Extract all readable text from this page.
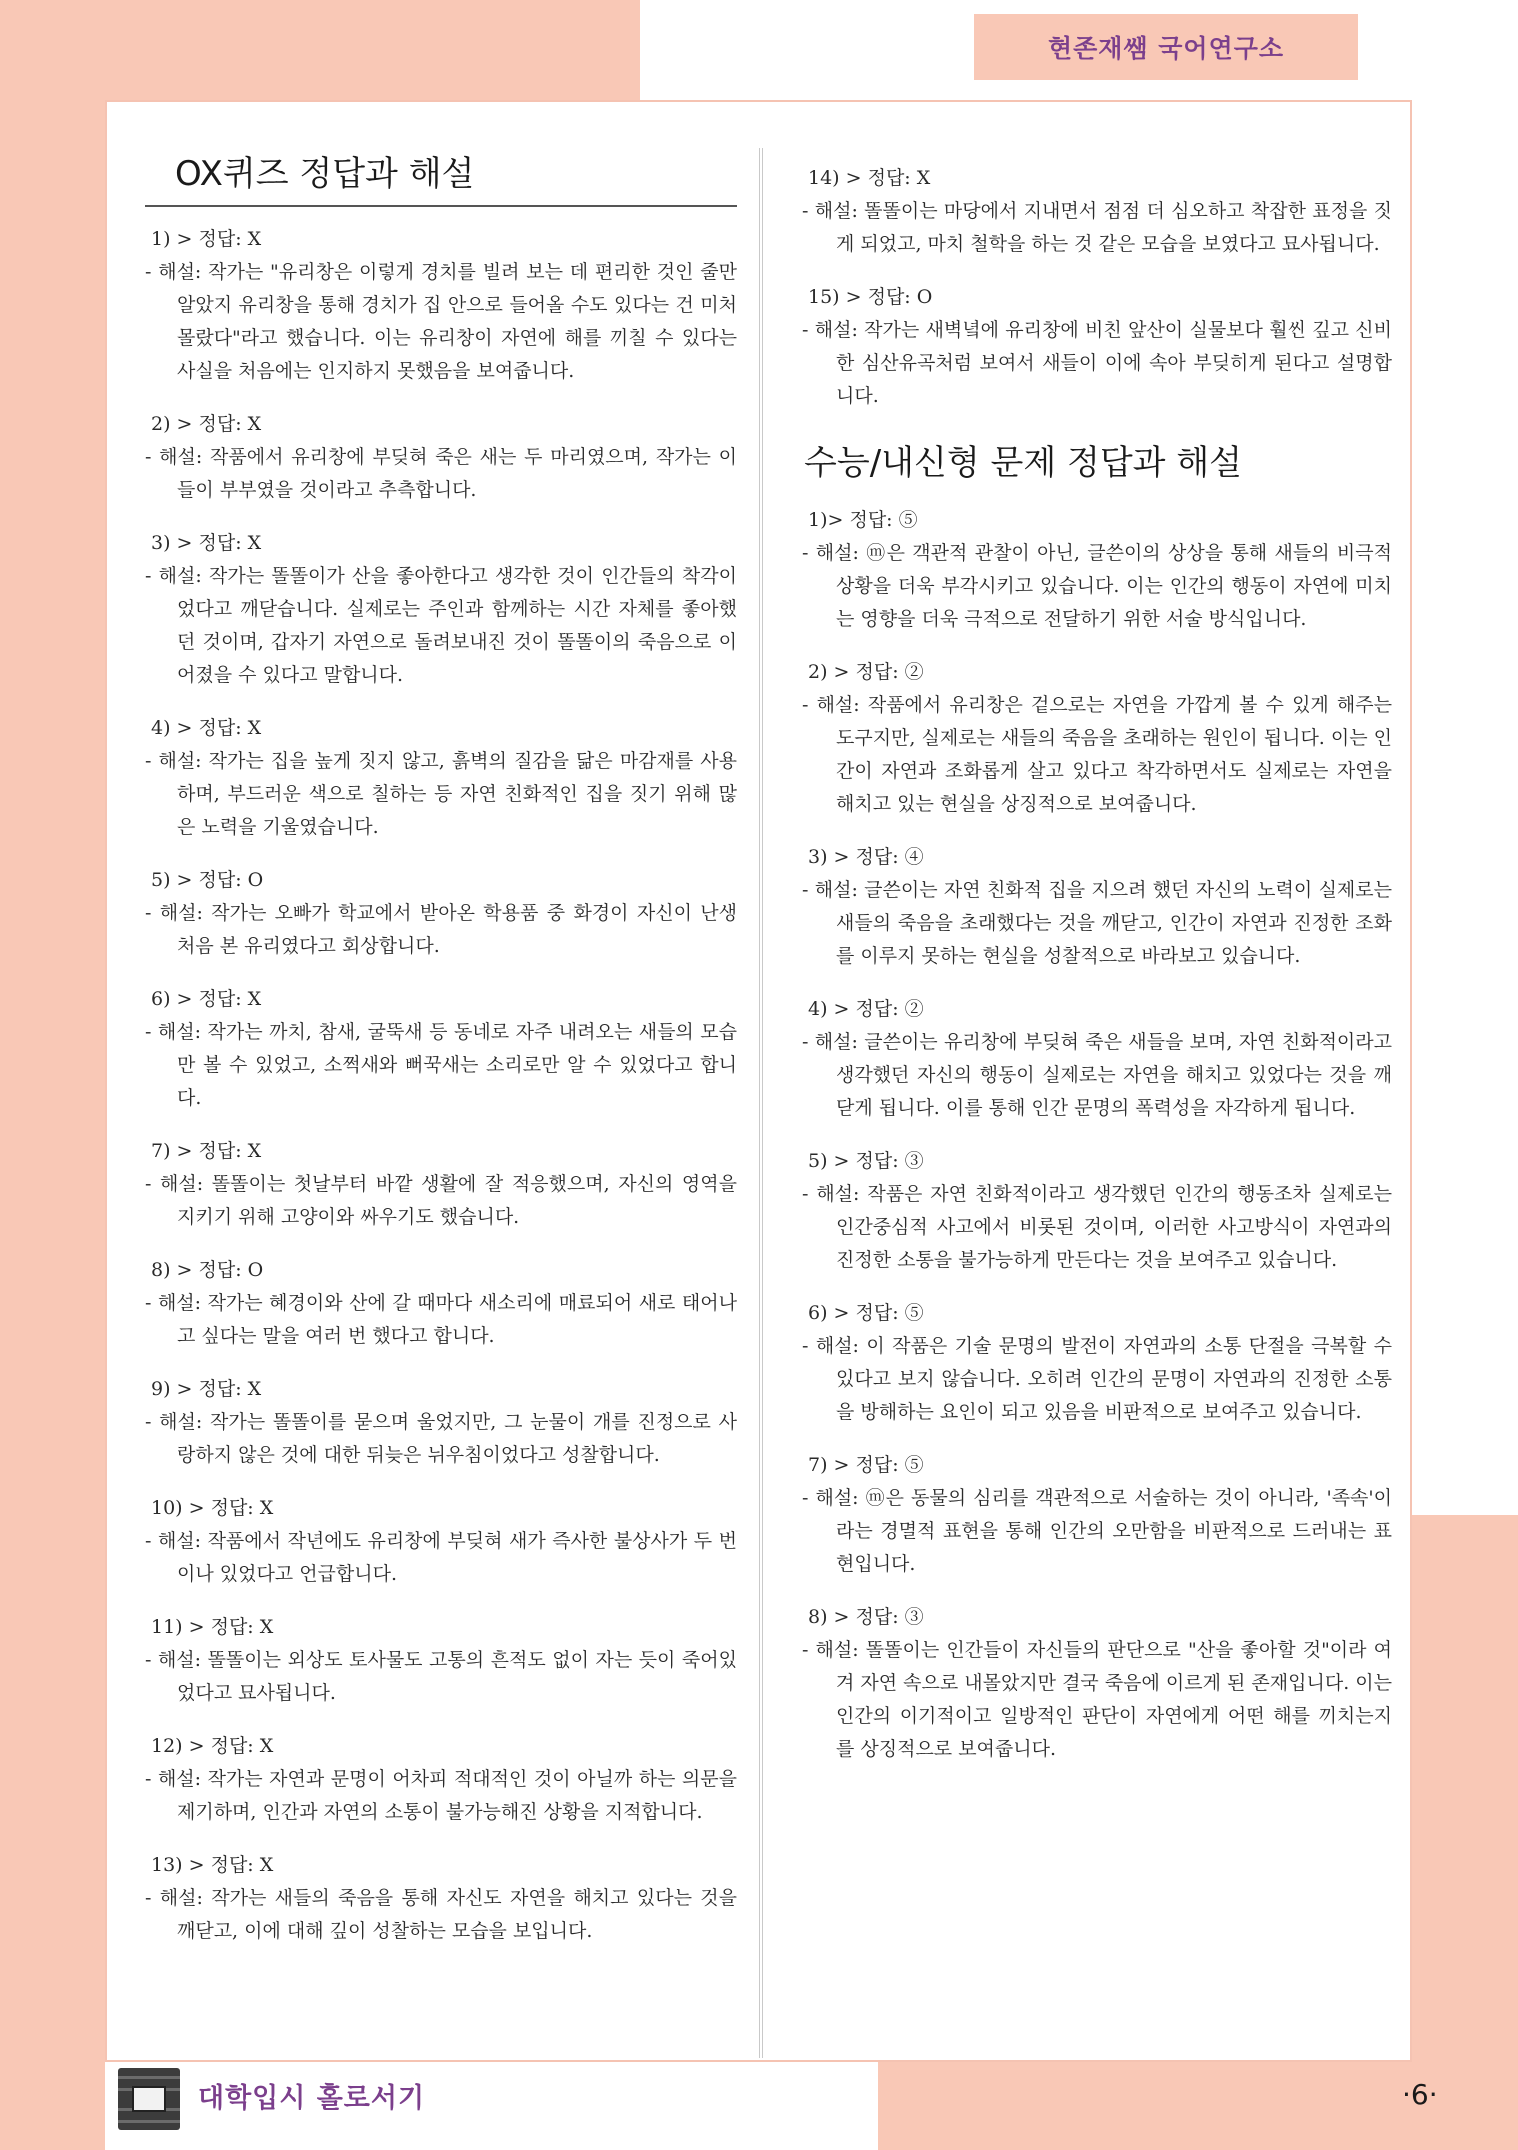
현존재쌤 국어연구소
OX퀴즈 정답과 해설
1) > 정답: X
- 해설: 작가는 "유리창은 이렇게 경치를 빌려 보는 데 편리한 것인 줄만 알았지 유리창을 통해 경치가 집 안으로 들어올 수도 있다는 건 미처 몰랐다"라고 했습니다. 이는 유리창이 자연에 해를 끼칠 수 있다는 사실을 처음에는 인지하지 못했음을 보여줍니다.
2) > 정답: X
- 해설: 작품에서 유리창에 부딪혀 죽은 새는 두 마리였으며, 작가는 이들이 부부였을 것이라고 추측합니다.
3) > 정답: X
- 해설: 작가는 똘똘이가 산을 좋아한다고 생각한 것이 인간들의 착각이었다고 깨닫습니다. 실제로는 주인과 함께하는 시간 자체를 좋아했던 것이며, 갑자기 자연으로 돌려보내진 것이 똘똘이의 죽음으로 이어졌을 수 있다고 말합니다.
4) > 정답: X
- 해설: 작가는 집을 높게 짓지 않고, 흙벽의 질감을 닮은 마감재를 사용하며, 부드러운 색으로 칠하는 등 자연 친화적인 집을 짓기 위해 많은 노력을 기울였습니다.
5) > 정답: O
- 해설: 작가는 오빠가 학교에서 받아온 학용품 중 화경이 자신이 난생 처음 본 유리였다고 회상합니다.
6) > 정답: X
- 해설: 작가는 까치, 참새, 굴뚝새 등 동네로 자주 내려오는 새들의 모습만 볼 수 있었고, 소쩍새와 뻐꾹새는 소리로만 알 수 있었다고 합니다.
7) > 정답: X
- 해설: 똘똘이는 첫날부터 바깥 생활에 잘 적응했으며, 자신의 영역을 지키기 위해 고양이와 싸우기도 했습니다.
8) > 정답: O
- 해설: 작가는 혜경이와 산에 갈 때마다 새소리에 매료되어 새로 태어나고 싶다는 말을 여러 번 했다고 합니다.
9) > 정답: X
- 해설: 작가는 똘똘이를 묻으며 울었지만, 그 눈물이 개를 진정으로 사랑하지 않은 것에 대한 뒤늦은 뉘우침이었다고 성찰합니다.
10) > 정답: X
- 해설: 작품에서 작년에도 유리창에 부딪혀 새가 즉사한 불상사가 두 번이나 있었다고 언급합니다.
11) > 정답: X
- 해설: 똘똘이는 외상도 토사물도 고통의 흔적도 없이 자는 듯이 죽어있었다고 묘사됩니다.
12) > 정답: X
- 해설: 작가는 자연과 문명이 어차피 적대적인 것이 아닐까 하는 의문을 제기하며, 인간과 자연의 소통이 불가능해진 상황을 지적합니다.
13) > 정답: X
- 해설: 작가는 새들의 죽음을 통해 자신도 자연을 해치고 있다는 것을 깨닫고, 이에 대해 깊이 성찰하는 모습을 보입니다.
14) > 정답: X
- 해설: 똘똘이는 마당에서 지내면서 점점 더 심오하고 착잡한 표정을 짓게 되었고, 마치 철학을 하는 것 같은 모습을 보였다고 묘사됩니다.
15) > 정답: O
- 해설: 작가는 새벽녘에 유리창에 비친 앞산이 실물보다 훨씬 깊고 신비한 심산유곡처럼 보여서 새들이 이에 속아 부딪히게 된다고 설명합니다.
수능/내신형 문제 정답과 해설
1)> 정답: ⑤
- 해설: ⓜ은 객관적 관찰이 아닌, 글쓴이의 상상을 통해 새들의 비극적 상황을 더욱 부각시키고 있습니다. 이는 인간의 행동이 자연에 미치는 영향을 더욱 극적으로 전달하기 위한 서술 방식입니다.
2) > 정답: ②
- 해설: 작품에서 유리창은 겉으로는 자연을 가깝게 볼 수 있게 해주는 도구지만, 실제로는 새들의 죽음을 초래하는 원인이 됩니다. 이는 인간이 자연과 조화롭게 살고 있다고 착각하면서도 실제로는 자연을 해치고 있는 현실을 상징적으로 보여줍니다.
3) > 정답: ④
- 해설: 글쓴이는 자연 친화적 집을 지으려 했던 자신의 노력이 실제로는 새들의 죽음을 초래했다는 것을 깨닫고, 인간이 자연과 진정한 조화를 이루지 못하는 현실을 성찰적으로 바라보고 있습니다.
4) > 정답: ②
- 해설: 글쓴이는 유리창에 부딪혀 죽은 새들을 보며, 자연 친화적이라고 생각했던 자신의 행동이 실제로는 자연을 해치고 있었다는 것을 깨닫게 됩니다. 이를 통해 인간 문명의 폭력성을 자각하게 됩니다.
5) > 정답: ③
- 해설: 작품은 자연 친화적이라고 생각했던 인간의 행동조차 실제로는 인간중심적 사고에서 비롯된 것이며, 이러한 사고방식이 자연과의 진정한 소통을 불가능하게 만든다는 것을 보여주고 있습니다.
6) > 정답: ⑤
- 해설: 이 작품은 기술 문명의 발전이 자연과의 소통 단절을 극복할 수 있다고 보지 않습니다. 오히려 인간의 문명이 자연과의 진정한 소통을 방해하는 요인이 되고 있음을 비판적으로 보여주고 있습니다.
7) > 정답: ⑤
- 해설: ⓜ은 동물의 심리를 객관적으로 서술하는 것이 아니라, '족속'이라는 경멸적 표현을 통해 인간의 오만함을 비판적으로 드러내는 표현입니다.
8) > 정답: ③
- 해설: 똘똘이는 인간들이 자신들의 판단으로 "산을 좋아할 것"이라 여겨 자연 속으로 내몰았지만 결국 죽음에 이르게 된 존재입니다. 이는 인간의 이기적이고 일방적인 판단이 자연에게 어떤 해를 끼치는지를 상징적으로 보여줍니다.
대학입시 홀로서기	·6·
